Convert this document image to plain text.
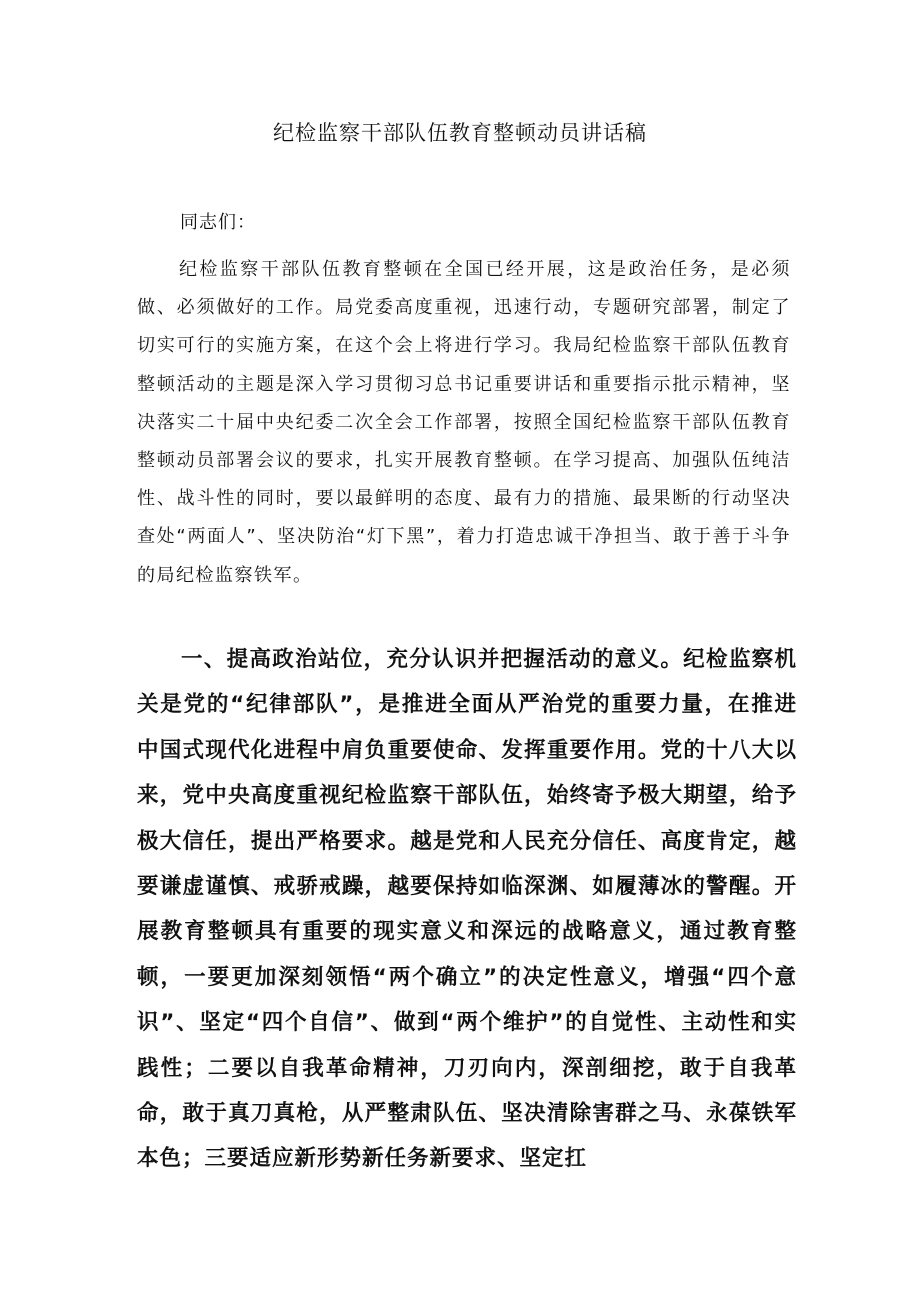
纪检监察干部队伍教育整顿动员讲话稿
同志们：

纪检监察干部队伍教育整顿在全国已经开展，这是政治任务，是必须做、必须做好的工作。局党委高度重视，迅速行动，专题研究部署，制定了切实可行的实施方案，在这个会上将进行学习。我局纪检监察干部队伍教育整顿活动的主题是深入学习贯彻习总书记重要讲话和重要指示批示精神，坚决落实二十届中央纪委二次全会工作部署，按照全国纪检监察干部队伍教育整顿动员部署会议的要求，扎实开展教育整顿。在学习提高、加强队伍纯洁性、战斗性的同时，要以最鲜明的态度、最有力的措施、最果断的行动坚决查处“两面人”、坚决防治“灯下黑”，着力打造忠诚干净担当、敢于善于斗争的局纪检监察铁军。

一、提高政治站位，充分认识并把握活动的意义。纪检监察机关是党的“纪律部队”，是推进全面从严治党的重要力量，在推进中国式现代化进程中肩负重要使命、发挥重要作用。党的十八大以来，党中央高度重视纪检监察干部队伍，始终寄予极大期望，给予极大信任，提出严格要求。越是党和人民充分信任、高度肯定，越要谦虚谨慎、戒骄戒躁，越要保持如临深渊、如履薄冰的警醒。开展教育整顿具有重要的现实意义和深远的战略意义，通过教育整顿，一要更加深刻领悟“两个确立”的决定性意义，增强“四个意识”、坚定“四个自信”、做到“两个维护”的自觉性、主动性和实践性；二要以自我革命精神，刀刃向内，深剖细挖，敢于自我革命，敢于真刀真枪，从严整肃队伍、坚决清除害群之马、永葆铁军本色；三要适应新形势新任务新要求、坚定扛
